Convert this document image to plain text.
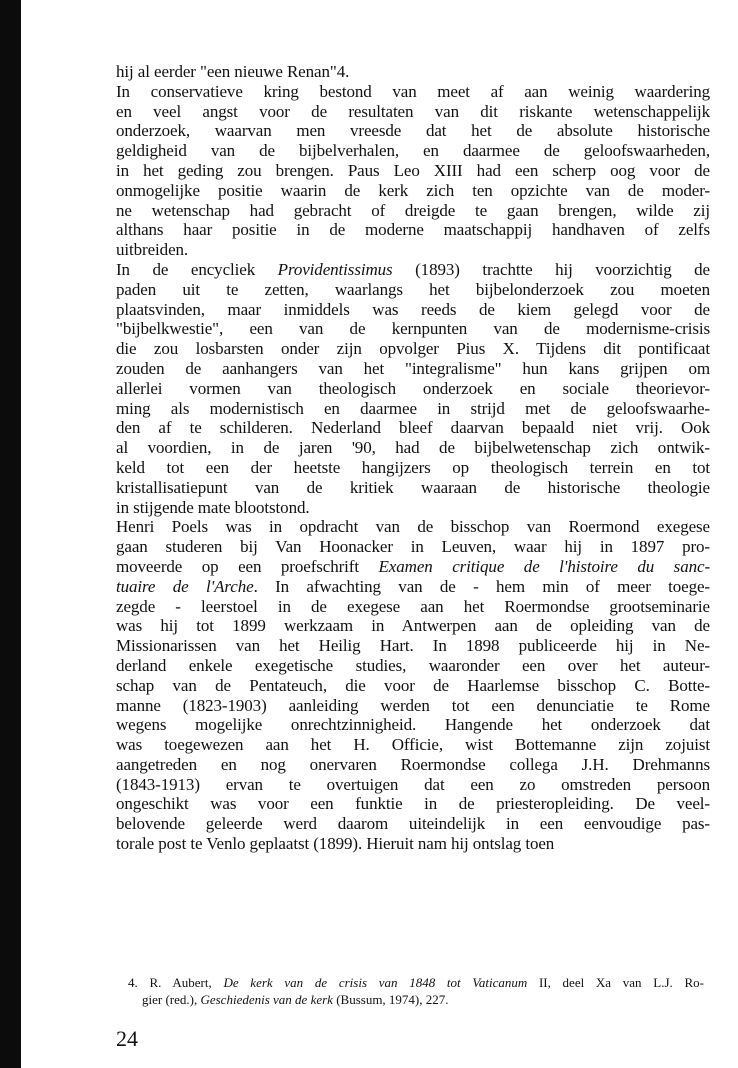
hij al eerder "een nieuwe Renan"4.
In conservatieve kring bestond van meet af aan weinig waardering
en veel angst voor de resultaten van dit riskante wetenschappelijk
onderzoek, waarvan men vreesde dat het de absolute historische
geldigheid van de bijbelverhalen, en daarmee de geloofswaarheden,
in het geding zou brengen. Paus Leo XIII had een scherp oog voor de
onmogelijke positie waarin de kerk zich ten opzichte van de moder-
ne wetenschap had gebracht of dreigde te gaan brengen, wilde zij
althans haar positie in de moderne maatschappij handhaven of zelfs
uitbreiden.
In de encycliek Providentissimus (1893) trachtte hij voorzichtig de
paden uit te zetten, waarlangs het bijbelonderzoek zou moeten
plaatsvinden, maar inmiddels was reeds de kiem gelegd voor de
"bijbelkwestie", een van de kernpunten van de modernisme-crisis
die zou losbarsten onder zijn opvolger Pius X. Tijdens dit pontificaat
zouden de aanhangers van het "integralisme" hun kans grijpen om
allerlei vormen van theologisch onderzoek en sociale theorievor-
ming als modernistisch en daarmee in strijd met de geloofswaarhe-
den af te schilderen. Nederland bleef daarvan bepaald niet vrij. Ook
al voordien, in de jaren '90, had de bijbelwetenschap zich ontwik-
keld tot een der heetste hangijzers op theologisch terrein en tot
kristallisatiepunt van de kritiek waaraan de historische theologie
in stijgende mate blootstond.
Henri Poels was in opdracht van de bisschop van Roermond exegese
gaan studeren bij Van Hoonacker in Leuven, waar hij in 1897 pro-
moveerde op een proefschrift Examen critique de l'histoire du sanc-
tuaire de l'Arche. In afwachting van de - hem min of meer toege-
zegde - leerstoel in de exegese aan het Roermondse grootseminarie
was hij tot 1899 werkzaam in Antwerpen aan de opleiding van de
Missionarissen van het Heilig Hart. In 1898 publiceerde hij in Ne-
derland enkele exegetische studies, waaronder een over het auteur-
schap van de Pentateuch, die voor de Haarlemse bisschop C. Botte-
manne (1823-1903) aanleiding werden tot een denunciatie te Rome
wegens mogelijke onrechtzinnigheid. Hangende het onderzoek dat
was toegewezen aan het H. Officie, wist Bottemanne zijn zojuist
aangetreden en nog onervaren Roermondse collega J.H. Drehmanns
(1843-1913) ervan te overtuigen dat een zo omstreden persoon
ongeschikt was voor een funktie in de priesteropleiding. De veel-
belovende geleerde werd daarom uiteindelijk in een eenvoudige pas-
torale post te Venlo geplaatst (1899). Hieruit nam hij ontslag toen
4. R. Aubert, De kerk van de crisis van 1848 tot Vaticanum II, deel Xa van L.J. Ro-
gier (red.), Geschiedenis van de kerk (Bussum, 1974), 227.
24
